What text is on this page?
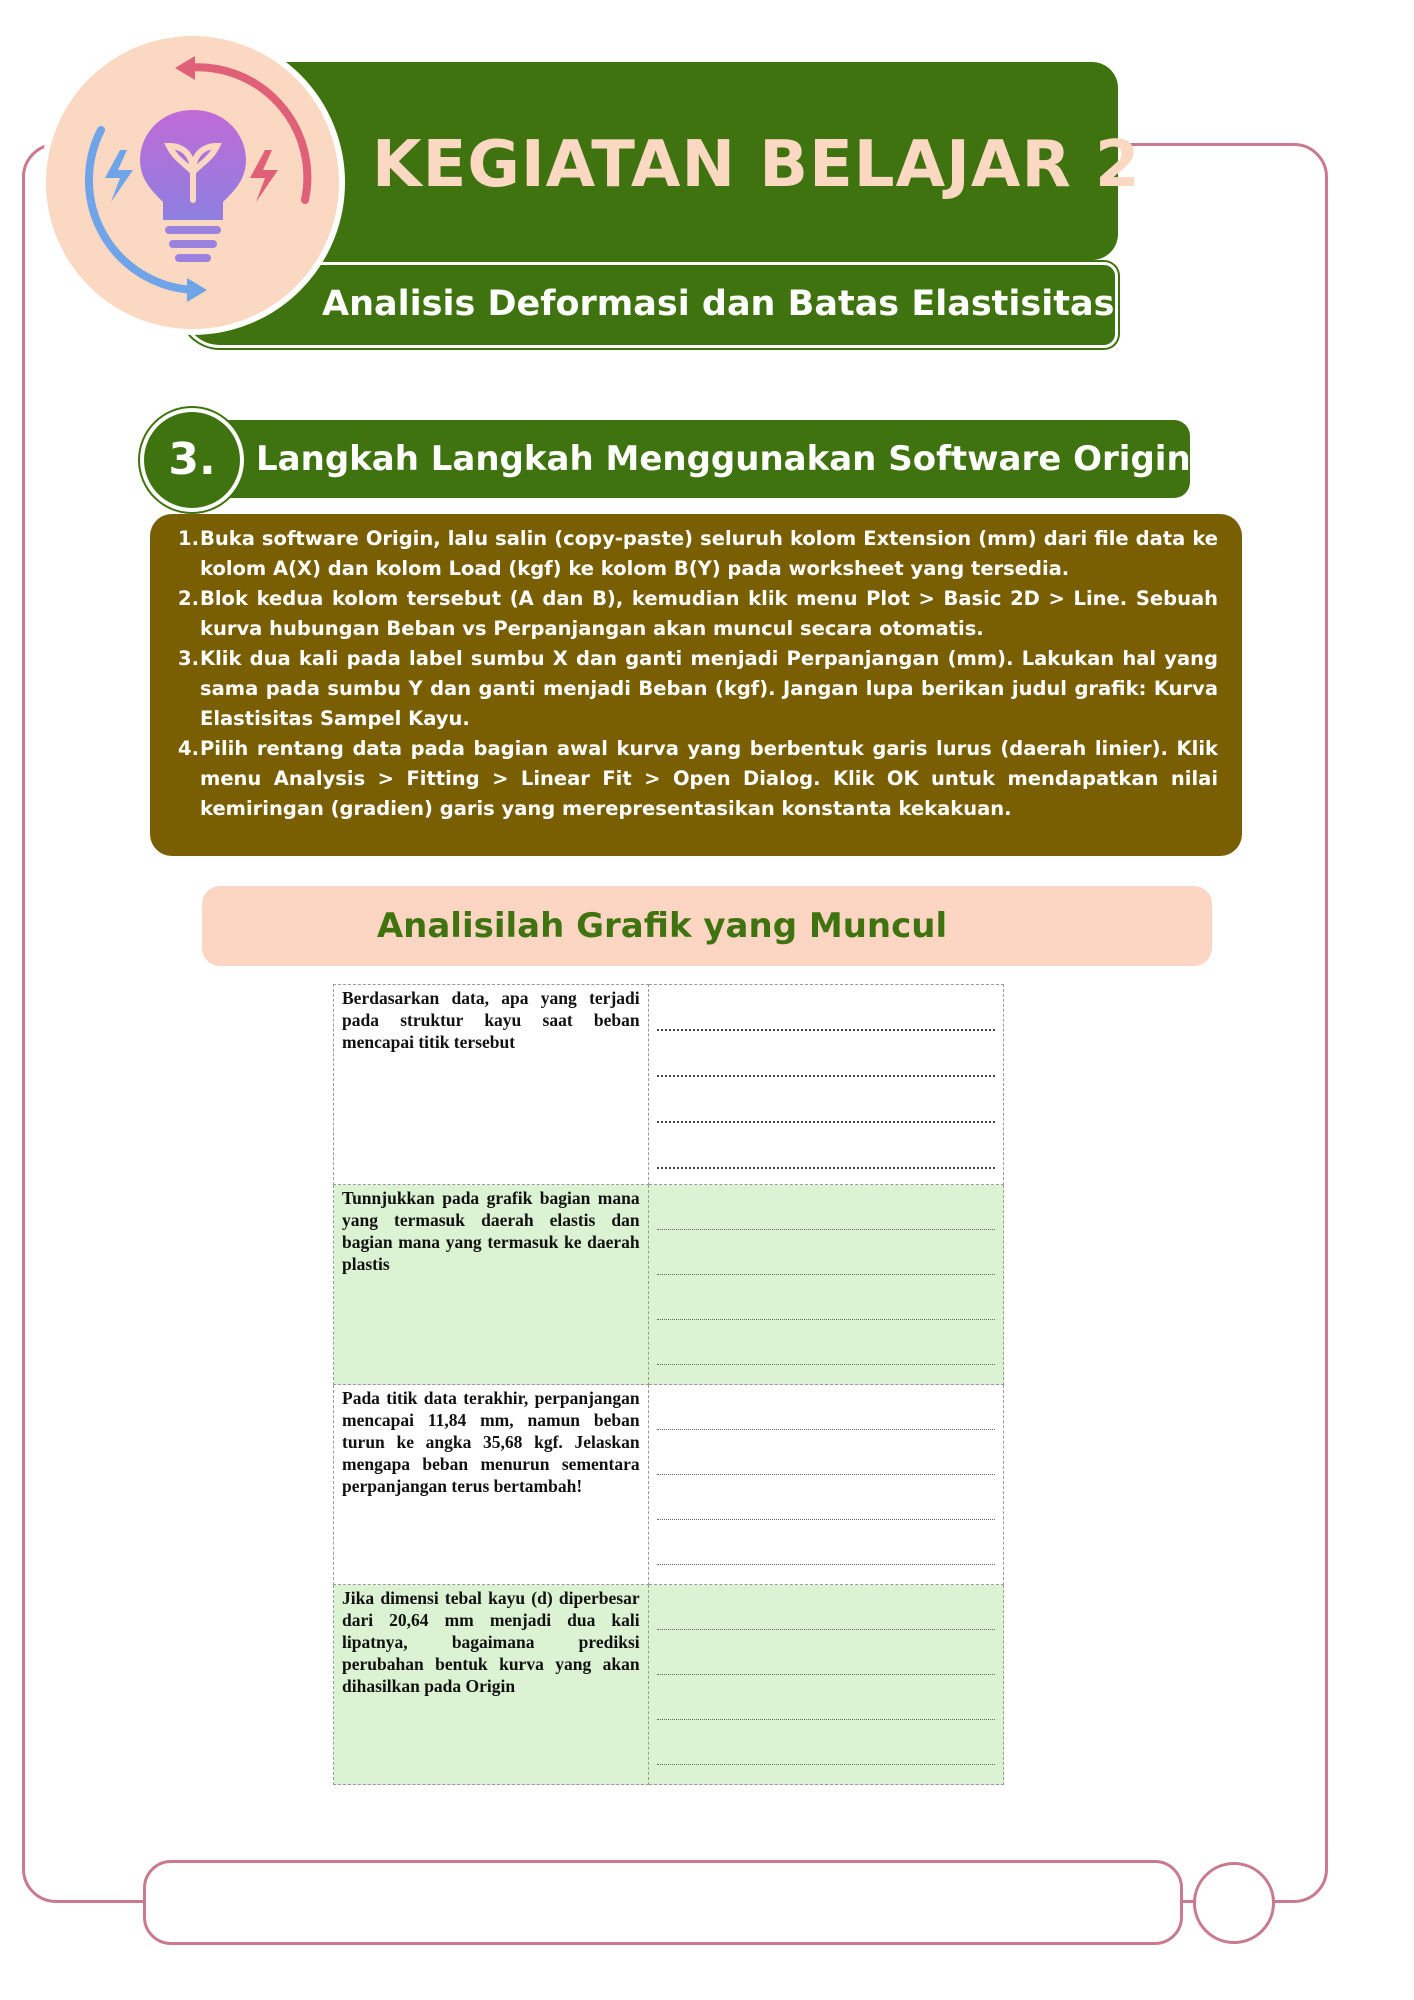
KEGIATAN BELAJAR 2
Analisis Deformasi dan Batas Elastisitas
3.	Langkah Langkah Menggunakan Software Origin
1. Buka software Origin, lalu salin (copy-paste) seluruh kolom Extension (mm) dari file data ke kolom A(X) dan kolom Load (kgf) ke kolom B(Y) pada worksheet yang tersedia.
2. Blok kedua kolom tersebut (A dan B), kemudian klik menu Plot > Basic 2D > Line. Sebuah kurva hubungan Beban vs Perpanjangan akan muncul secara otomatis.
3. Klik dua kali pada label sumbu X dan ganti menjadi Perpanjangan (mm). Lakukan hal yang sama pada sumbu Y dan ganti menjadi Beban (kgf). Jangan lupa berikan judul grafik: Kurva Elastisitas Sampel Kayu.
4. Pilih rentang data pada bagian awal kurva yang berbentuk garis lurus (daerah linier). Klik menu Analysis > Fitting > Linear Fit > Open Dialog. Klik OK untuk mendapatkan nilai kemiringan (gradien) garis yang merepresentasikan konstanta kekakuan.
Analisilah Grafik yang Muncul
Berdasarkan data, apa yang terjadi pada struktur kayu saat beban mencapai titik tersebut	

Tunnjukkan pada grafik bagian mana yang termasuk daerah elastis dan bagian mana yang termasuk ke daerah plastis	

Pada titik data terakhir, perpanjangan mencapai 11,84 mm, namun beban turun ke angka 35,68 kgf. Jelaskan mengapa beban menurun sementara perpanjangan terus bertambah!	

Jika dimensi tebal kayu (d) diperbesar dari 20,64 mm menjadi dua kali lipatnya, bagaimana prediksi perubahan bentuk kurva yang akan dihasilkan pada Origin	
